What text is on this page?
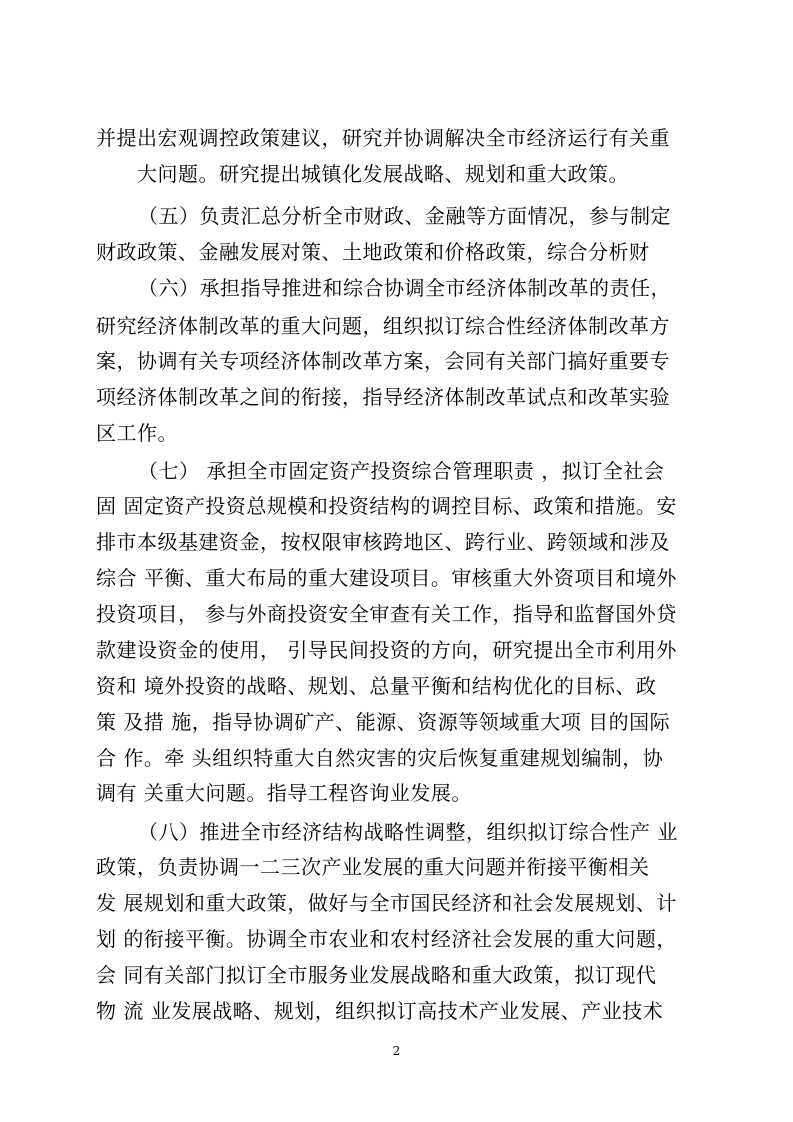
并提出宏观调控政策建议，研究并协调解决全市经济运行有关重
大问题。研究提出城镇化发展战略、规划和重大政策。
（五）负责汇总分析全市财政、金融等方面情况，参与制定
财政政策、金融发展对策、土地政策和价格政策，综合分析财
（六）承担指导推进和综合协调全市经济体制改革的责任，
研究经济体制改革的重大问题，组织拟订综合性经济体制改革方
案，协调有关专项经济体制改革方案，会同有关部门搞好重要专
项经济体制改革之间的衔接，指导经济体制改革试点和改革实验
区工作。
（七） 承担全市固定资产投资综合管理职责 ，拟订全社会
固 固定资产投资总规模和投资结构的调控目标、政策和措施。安
排市本级基建资金，按权限审核跨地区、跨行业、跨领域和涉及
综合 平衡、重大布局的重大建设项目。审核重大外资项目和境外
投资项目， 参与外商投资安全审查有关工作，指导和监督国外贷
款建设资金的使用， 引导民间投资的方向，研究提出全市利用外
资和 境外投资的战略、规划、总量平衡和结构优化的目标、政
策 及措 施，指导协调矿产、能源、资源等领域重大项 目的国际
合 作。牵 头组织特重大自然灾害的灾后恢复重建规划编制，协
调有 关重大问题。指导工程咨询业发展。
（八）推进全市经济结构战略性调整，组织拟订综合性产 业
政策，负责协调一二三次产业发展的重大问题并衔接平衡相关
发 展规划和重大政策，做好与全市国民经济和社会发展规划、计
划 的衔接平衡。协调全市农业和农村经济社会发展的重大问题，
会 同有关部门拟订全市服务业发展战略和重大政策，拟订现代
物 流 业发展战略、规划，组织拟订高技术产业发展、产业技术
2
